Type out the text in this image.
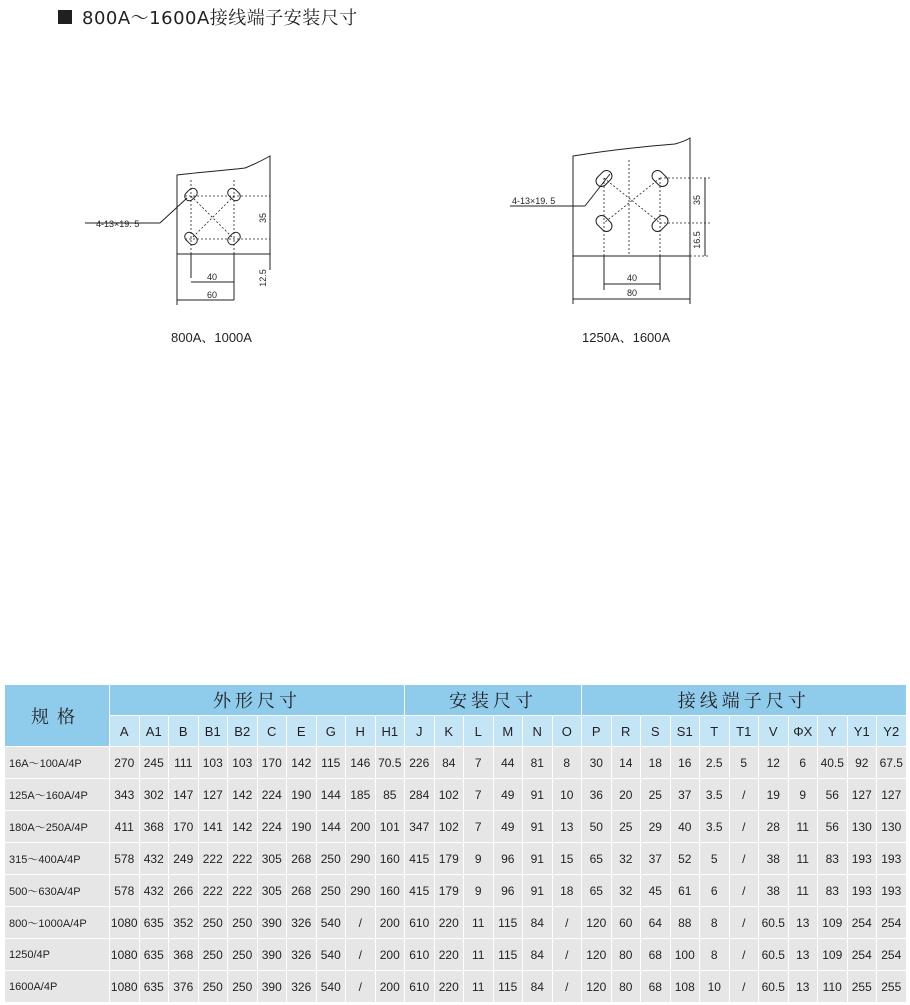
800A～1600A接线端子安装尺寸
4-13×19. 5
40
60
35
12.5
800A、1000A
4-13×19. 5
40
80
35
16.5
1250A、1600A
规格	外形尺寸										安装尺寸						接线端子尺寸										
	A	A1	B	B1	B2	C	E	G	H	H1	J	K	L	M	N	O	P	R	S	S1	T	T1	V	ΦX	Y	Y1	Y2
16A～100A/4P	270	245	111	103	103	170	142	115	146	70.5	226	84	7	44	81	8	30	14	18	16	2.5	5	12	6	40.5	92	67.5
125A～160A/4P	343	302	147	127	142	224	190	144	185	85	284	102	7	49	91	10	36	20	25	37	3.5	/	19	9	56	127	127
180A～250A/4P	411	368	170	141	142	224	190	144	200	101	347	102	7	49	91	13	50	25	29	40	3.5	/	28	11	56	130	130
315～400A/4P	578	432	249	222	222	305	268	250	290	160	415	179	9	96	91	15	65	32	37	52	5	/	38	11	83	193	193
500～630A/4P	578	432	266	222	222	305	268	250	290	160	415	179	9	96	91	18	65	32	45	61	6	/	38	11	83	193	193
800～1000A/4P	1080	635	352	250	250	390	326	540	/	200	610	220	11	115	84	/	120	60	64	88	8	/	60.5	13	109	254	254
1250/4P	1080	635	368	250	250	390	326	540	/	200	610	220	11	115	84	/	120	80	68	100	8	/	60.5	13	109	254	254
1600A/4P	1080	635	376	250	250	390	326	540	/	200	610	220	11	115	84	/	120	80	68	108	10	/	60.5	13	110	255	255
